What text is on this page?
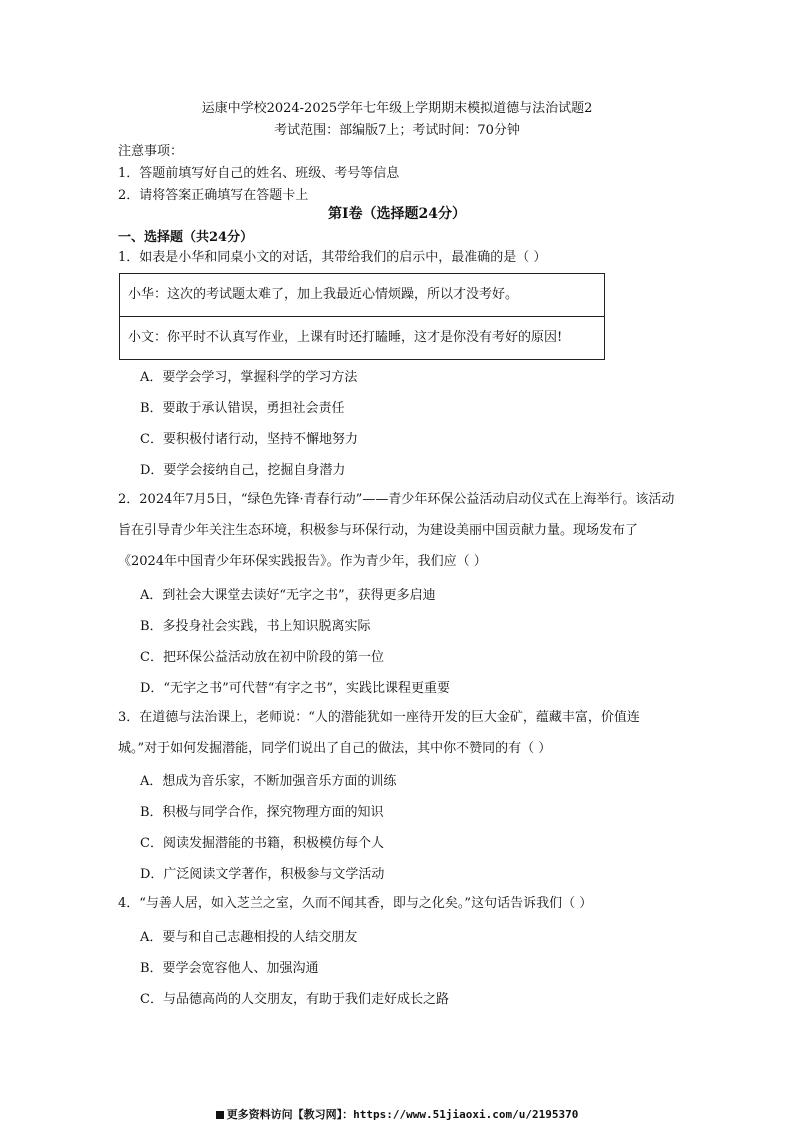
运康中学校2024-2025学年七年级上学期期末模拟道德与法治试题2
考试范围：部编版7上；考试时间：70分钟
注意事项：
1．答题前填写好自己的姓名、班级、考号等信息
2．请将答案正确填写在答题卡上
第I卷（选择题24分）
一、选择题（共24分）
1．如表是小华和同桌小文的对话，其带给我们的启示中，最准确的是（ ）
小华：这次的考试题太难了，加上我最近心情烦躁，所以才没考好。
小文：你平时不认真写作业，上课有时还打瞌睡，这才是你没有考好的原因!
A．要学会学习，掌握科学的学习方法
B．要敢于承认错误，勇担社会责任
C．要积极付诸行动，坚持不懈地努力
D．要学会接纳自己，挖掘自身潜力
2．2024年7月5日，“绿色先锋·青春行动”——青少年环保公益活动启动仪式在上海举行。该活动旨在引导青少年关注生态环境，积极参与环保行动，为建设美丽中国贡献力量。现场发布了《2024年中国青少年环保实践报告》。作为青少年，我们应（ ）
A．到社会大课堂去读好“无字之书”，获得更多启迪
B．多投身社会实践，书上知识脱离实际
C．把环保公益活动放在初中阶段的第一位
D．“无字之书”可代替“有字之书”，实践比课程更重要
3．在道德与法治课上，老师说：“人的潜能犹如一座待开发的巨大金矿，蕴藏丰富，价值连城。”对于如何发掘潜能，同学们说出了自己的做法，其中你不赞同的有（ ）
A．想成为音乐家，不断加强音乐方面的训练
B．积极与同学合作，探究物理方面的知识
C．阅读发掘潜能的书籍，积极模仿每个人
D．广泛阅读文学著作，积极参与文学活动
4．“与善人居，如入芝兰之室，久而不闻其香，即与之化矣。”这句话告诉我们（ ）
A．要与和自己志趣相投的人结交朋友
B．要学会宽容他人、加强沟通
C．与品德高尚的人交朋友，有助于我们走好成长之路
更多资料访问【教习网】：https://www.51jiaoxi.com/u/2195370
